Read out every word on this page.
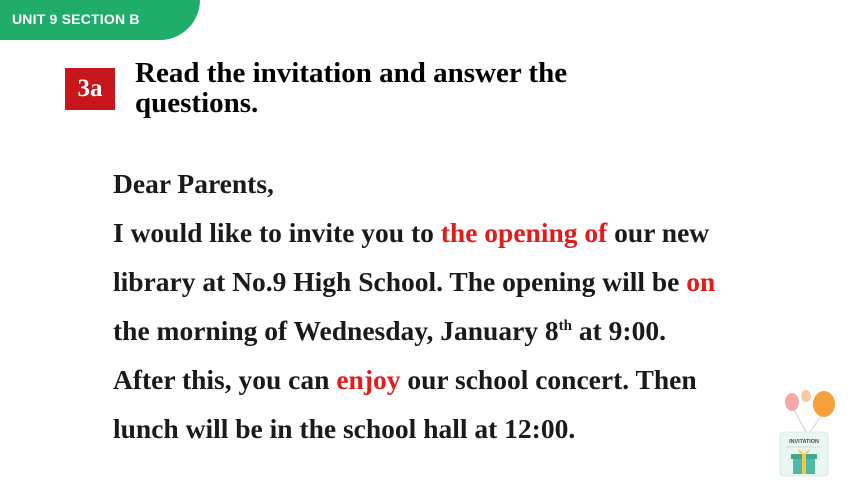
UNIT 9 SECTION B
3a	Read the invitation and answer the
questions.
Dear Parents,
I would like to invite you to the opening of our new
library at No.9 High School. The opening will be on
the morning of Wednesday, January 8th at 9:00.
After this, you can enjoy our school concert. Then
lunch will be in the school hall at 12:00.	INVITATION
